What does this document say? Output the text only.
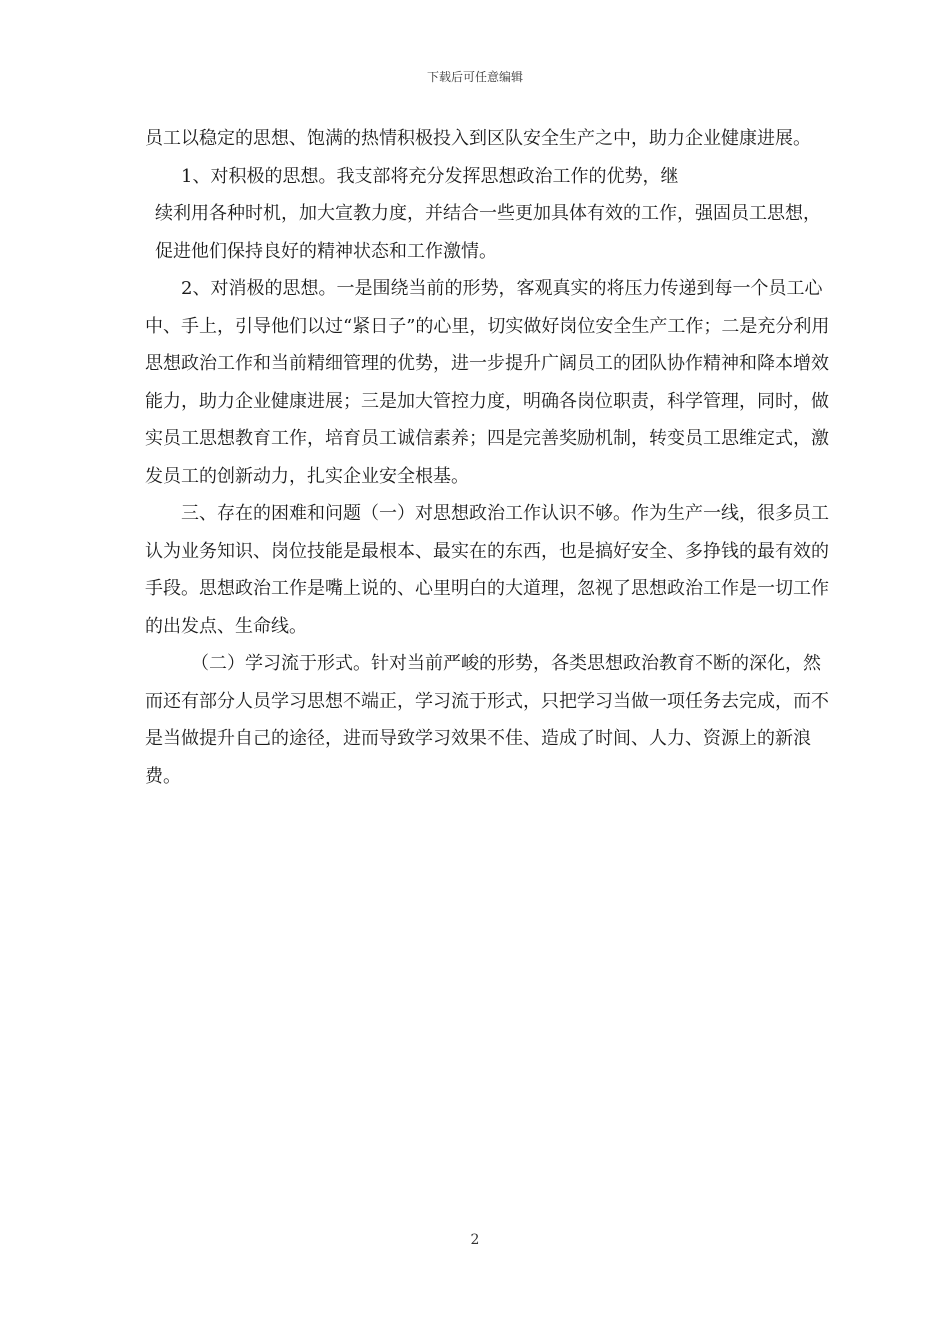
下载后可任意编辑

员工以稳定的思想、饱满的热情积极投入到区队安全生产之中，助力企业健康进展。

1、对积极的思想。我支部将充分发挥思想政治工作的优势，继

续利用各种时机，加大宣教力度，并结合一些更加具体有效的工作，强固员工思想，促进他们保持良好的精神状态和工作激情。

2、对消极的思想。一是围绕当前的形势，客观真实的将压力传递到每一个员工心中、手上，引导他们以过“紧日子”的心里，切实做好岗位安全生产工作；二是充分利用思想政治工作和当前精细管理的优势，进一步提升广阔员工的团队协作精神和降本增效能力，助力企业健康进展；三是加大管控力度，明确各岗位职责，科学管理，同时，做实员工思想教育工作，培育员工诚信素养；四是完善奖励机制，转变员工思维定式，激发员工的创新动力，扎实企业安全根基。

三、存在的困难和问题（一）对思想政治工作认识不够。作为生产一线，很多员工认为业务知识、岗位技能是最根本、最实在的东西，也是搞好安全、多挣钱的最有效的手段。思想政治工作是嘴上说的、心里明白的大道理，忽视了思想政治工作是一切工作的出发点、生命线。

（二）学习流于形式。针对当前严峻的形势，各类思想政治教育不断的深化，然而还有部分人员学习思想不端正，学习流于形式，只把学习当做一项任务去完成，而不是当做提升自己的途径，进而导致学习效果不佳、造成了时间、人力、资源上的新浪费。

2
